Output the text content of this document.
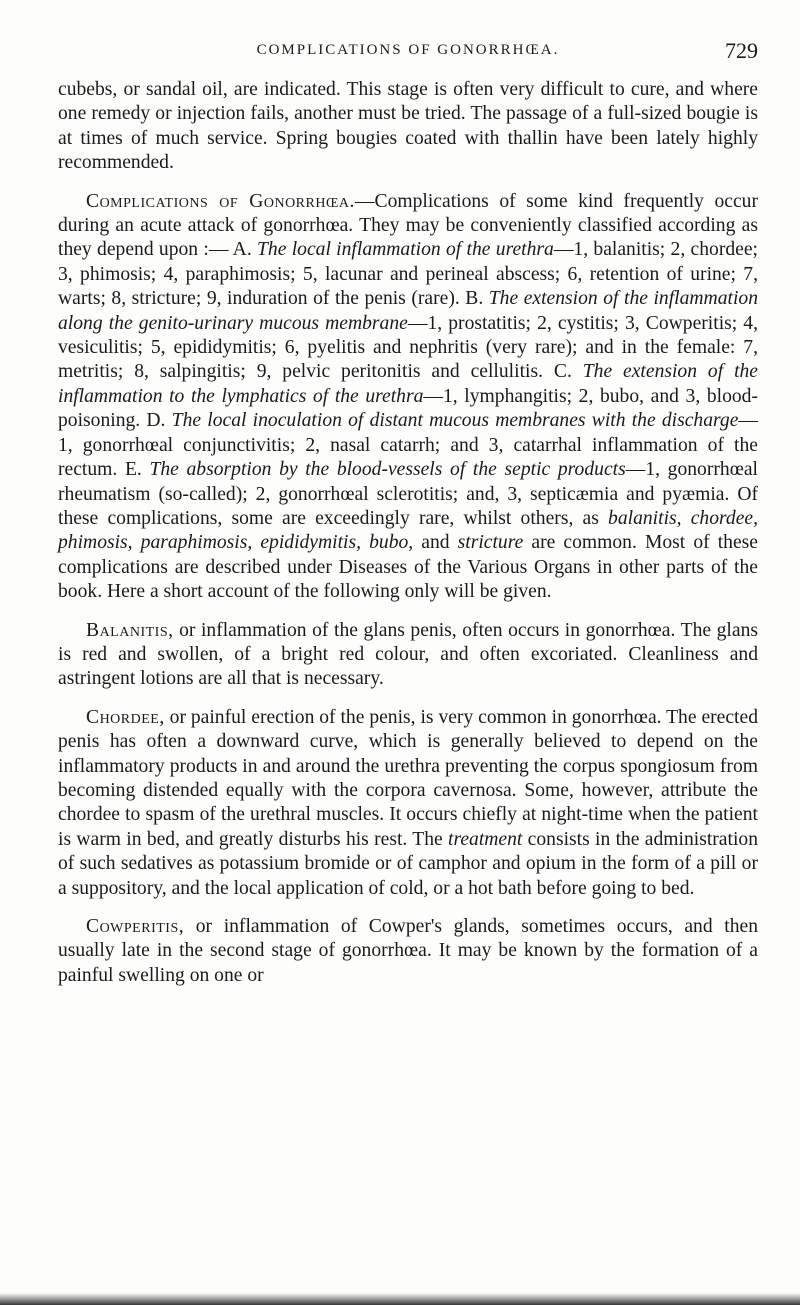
COMPLICATIONS OF GONORRHŒA.	729

cubebs, or sandal oil, are indicated. This stage is often very difficult to cure, and where one remedy or injection fails, another must be tried. The passage of a full-sized bougie is at times of much service. Spring bougies coated with thallin have been lately highly recommended.

Complications of Gonorrhœa.—Complications of some kind frequently occur during an acute attack of gonorrhœa. They may be conveniently classified according as they depend upon :— A. The local inflammation of the urethra—1, balanitis; 2, chordee; 3, phimosis; 4, paraphimosis; 5, lacunar and perineal abscess; 6, retention of urine; 7, warts; 8, stricture; 9, induration of the penis (rare). B. The extension of the inflammation along the genito-urinary mucous membrane—1, prostatitis; 2, cystitis; 3, Cowperitis; 4, vesiculitis; 5, epididymitis; 6, pyelitis and nephritis (very rare); and in the female: 7, metritis; 8, salpingitis; 9, pelvic peritonitis and cellulitis. C. The extension of the inflammation to the lymphatics of the urethra—1, lymphangitis; 2, bubo, and 3, blood-poisoning. D. The local inoculation of distant mucous membranes with the discharge—1, gonorrhœal conjunctivitis; 2, nasal catarrh; and 3, catarrhal inflammation of the rectum. E. The absorption by the blood-vessels of the septic products—1, gonorrhœal rheumatism (so-called); 2, gonorrhœal sclerotitis; and, 3, septicæmia and pyæmia. Of these complications, some are exceedingly rare, whilst others, as balanitis, chordee, phimosis, paraphimosis, epididymitis, bubo, and stricture are common. Most of these complications are described under Diseases of the Various Organs in other parts of the book. Here a short account of the following only will be given.

Balanitis, or inflammation of the glans penis, often occurs in gonorrhœa. The glans is red and swollen, of a bright red colour, and often excoriated. Cleanliness and astringent lotions are all that is necessary.

Chordee, or painful erection of the penis, is very common in gonorrhœa. The erected penis has often a downward curve, which is generally believed to depend on the inflammatory products in and around the urethra preventing the corpus spongiosum from becoming distended equally with the corpora cavernosa. Some, however, attribute the chordee to spasm of the urethral muscles. It occurs chiefly at night-time when the patient is warm in bed, and greatly disturbs his rest. The treatment consists in the administration of such sedatives as potassium bromide or of camphor and opium in the form of a pill or a suppository, and the local application of cold, or a hot bath before going to bed.

Cowperitis, or inflammation of Cowper's glands, sometimes occurs, and then usually late in the second stage of gonorrhœa. It may be known by the formation of a painful swelling on one or
